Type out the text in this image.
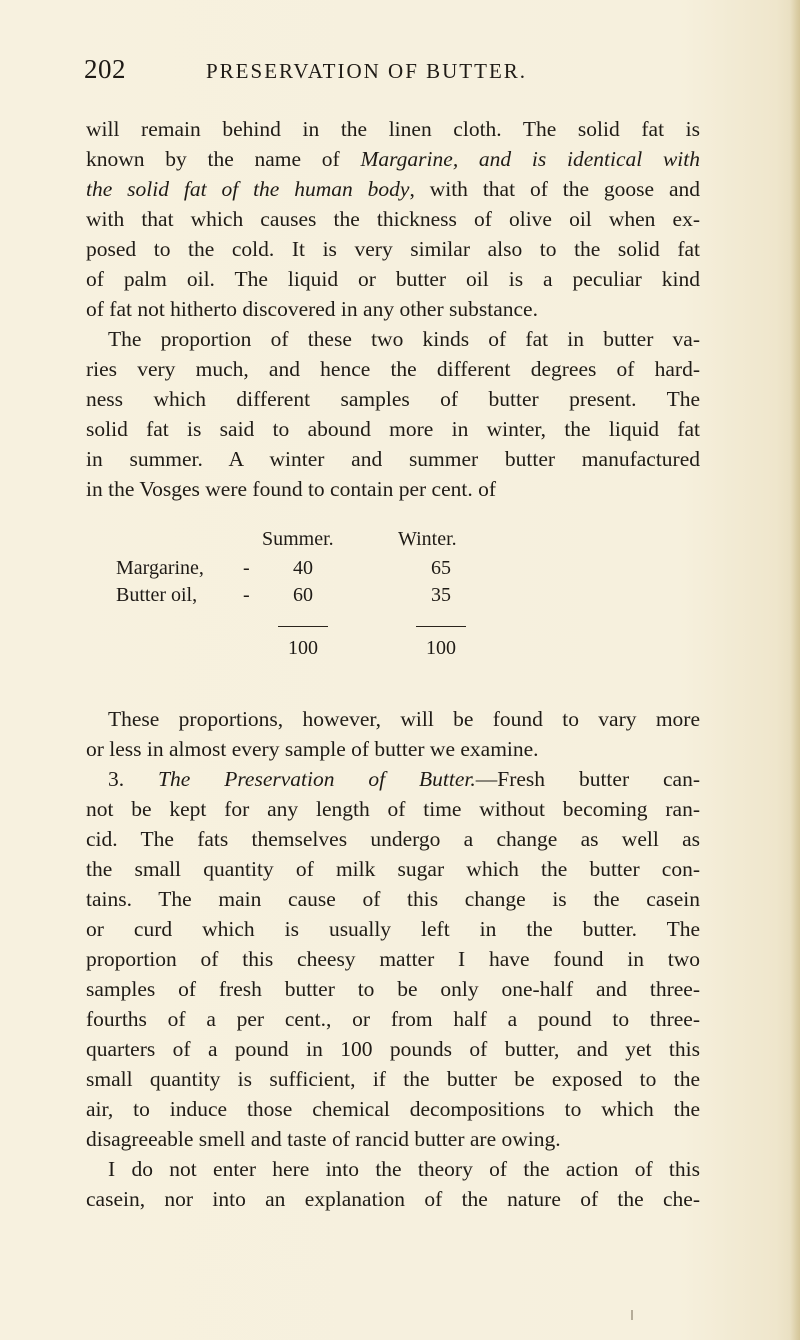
202	PRESERVATION OF BUTTER.
will remain behind in the linen cloth. The solid fat is
known by the name of Margarine, and is identical with
the solid fat of the human body, with that of the goose and
with that which causes the thickness of olive oil when ex-
posed to the cold. It is very similar also to the solid fat
of palm oil. The liquid or butter oil is a peculiar kind
of fat not hitherto discovered in any other substance.
The proportion of these two kinds of fat in butter va-
ries very much, and hence the different degrees of hard-
ness which different samples of butter present. The
solid fat is said to abound more in winter, the liquid fat
in summer. A winter and summer butter manufactured
in the Vosges were found to contain per cent. of
Summer.	Winter.
Margarine, -	40	65
Butter oil, -	60	35
100	100
These proportions, however, will be found to vary more
or less in almost every sample of butter we examine.
3. The Preservation of Butter.—Fresh butter can-
not be kept for any length of time without becoming ran-
cid. The fats themselves undergo a change as well as
the small quantity of milk sugar which the butter con-
tains. The main cause of this change is the casein
or curd which is usually left in the butter. The
proportion of this cheesy matter I have found in two
samples of fresh butter to be only one-half and three-
fourths of a per cent., or from half a pound to three-
quarters of a pound in 100 pounds of butter, and yet this
small quantity is sufficient, if the butter be exposed to the
air, to induce those chemical decompositions to which the
disagreeable smell and taste of rancid butter are owing.
I do not enter here into the theory of the action of this
casein, nor into an explanation of the nature of the che-
